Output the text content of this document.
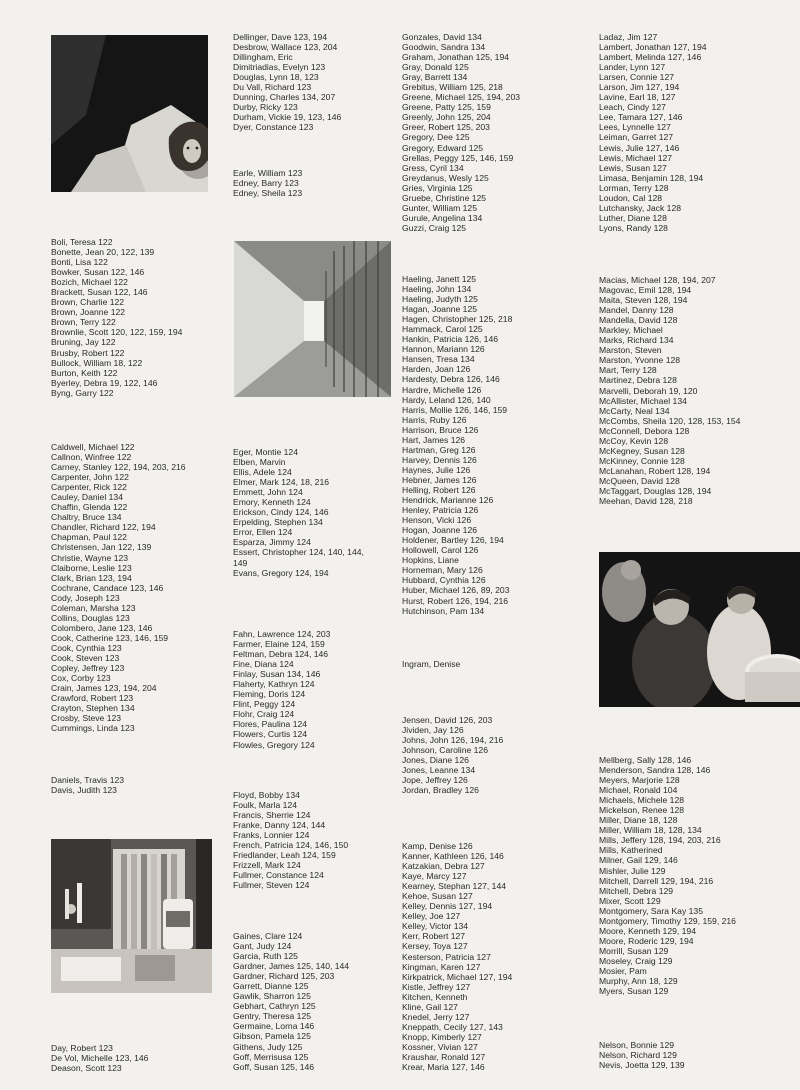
Boli, Teresa 122
Bonette, Jean 20, 122, 139
Bonti, Lisa 122
Bowker, Susan 122, 146
Bozich, Michael 122
Brackett, Susan 122, 146
Brown, Charlie 122
Brown, Joanne 122
Brown, Terry 122
Brownlie, Scott 120, 122, 159, 194
Bruning, Jay 122
Brusby, Robert 122
Bullock, William 18, 122
Burton, Keith 122
Byerley, Debra 19, 122, 146
Byng, Garry 122
Caldwell, Michael 122
Callnon, Winfree 122
Carney, Stanley 122, 194, 203, 216
Carpenter, John 122
Carpenter, Rick 122
Cauley, Daniel 134
Chaffin, Glenda 122
Chaltry, Bruce 134
Chandler, Richard 122, 194
Chapman, Paul 122
Christensen, Jan 122, 139
Christie, Wayne 123
Claiborne, Leslie 123
Clark, Brian 123, 194
Cochrane, Candace 123, 146
Cody, Joseph 123
Coleman, Marsha 123
Collins, Douglas 123
Colombero, Jane 123, 146
Cook, Catherine 123, 146, 159
Cook, Cynthia 123
Cook, Steven 123
Copley, Jeffrey 123
Cox, Corby 123
Crain, James 123, 194, 204
Crawford, Robert 123
Crayton, Stephen 134
Crosby, Steve 123
Cummings, Linda 123
Daniels, Travis 123
Davis, Judith 123
Day, Robert 123
De Vol, Michelle 123, 146
Deason, Scott 123
Dellinger, Dave 123, 194
Desbrow, Wallace 123, 204
Dillingham, Eric
Dimitriadias, Evelyn 123
Douglas, Lynn 18, 123
Du Vall, Richard 123
Dunning, Charles 134, 207
Durby, Ricky 123
Durham, Vickie 19, 123, 146
Dyer, Constance 123
Earle, William 123
Edney, Barry 123
Edney, Sheila 123
Eger, Montie 124
Elben, Marvin
Ellis, Adele 124
Elmer, Mark 124, 18, 216
Emmett, John 124
Emory, Kenneth 124
Erickson, Cindy 124, 146
Erpelding, Stephen 134
Error, Ellen 124
Esparza, Jimmy 124
Essert, Christopher 124, 140, 144,
149
Evans, Gregory 124, 194
Fahn, Lawrence 124, 203
Farmer, Elaine 124, 159
Feltman, Debra 124, 146
Fine, Diana 124
Finlay, Susan 134, 146
Flaherty, Kathryn 124
Fleming, Doris 124
Flint, Peggy 124
Flohr, Craig 124
Flores, Paulina 124
Flowers, Curtis 124
Flowles, Gregory 124
Floyd, Bobby 134
Foulk, Marla 124
Francis, Sherrie 124
Franke, Danny 124, 144
Franks, Lonnier 124
French, Patricia 124, 146, 150
Friedlander, Leah 124, 159
Frizzell, Mark 124
Fullmer, Constance 124
Fullmer, Steven 124
Gaines, Clare 124
Gant, Judy 124
Garcia, Ruth 125
Gardner, James 125, 140, 144
Gardner, Richard 125, 203
Garrett, Dianne 125
Gawlik, Sharron 125
Gebhart, Cathryn 125
Gentry, Theresa 125
Germaine, Lorna 146
Gibson, Pamela 125
Githens, Judy 125
Goff, Merrisusa 125
Goff, Susan 125, 146
Gonzales, David 134
Goodwin, Sandra 134
Graham, Jonathan 125, 194
Gray, Donald 125
Gray, Barrett 134
Grebitus, William 125, 218
Greene, Michael 125, 194, 203
Greene, Patty 125, 159
Greenly, John 125, 204
Greer, Robert 125, 203
Gregory, Dee 125
Gregory, Edward 125
Grellas, Peggy 125, 146, 159
Gress, Cyril 134
Greydanus, Wesly 125
Gries, Virginia 125
Gruebe, Christine 125
Gunter, William 125
Gurule, Angelina 134
Guzzi, Craig 125
Haeling, Janett 125
Haeling, John 134
Haeling, Judyth 125
Hagan, Joanne 125
Hagen, Christopher 125, 218
Hammack, Carol 125
Hankin, Patricia 126, 146
Hannon, Mariann 126
Hansen, Tresa 134
Harden, Joan 126
Hardesty, Debra 126, 146
Hardre, Michelle 126
Hardy, Leland 126, 140
Harris, Mollie 126, 146, 159
Harris, Ruby 126
Harrison, Bruce 126
Hart, James 126
Hartman, Greg 126
Harvey, Dennis 126
Haynes, Julie 126
Hebner, James 126
Helling, Robert 126
Hendrick, Marianne 126
Henley, Patricia 126
Henson, Vicki 126
Hogan, Joanne 126
Holdener, Bartley 126, 194
Hollowell, Carol 126
Hopkins, Liane
Horneman, Mary 126
Hubbard, Cynthia 126
Huber, Michael 126, 89, 203
Hurst, Robert 126, 194, 216
Hutchinson, Pam 134
Ingram, Denise
Jensen, David 126, 203
Jividen, Jay 126
Johns, John 126, 194, 216
Johnson, Caroline 126
Jones, Diane 126
Jones, Leanne 134
Jope, Jeffrey 126
Jordan, Bradley 126
Kamp, Denise 126
Kanner, Kathleen 126, 146
Katzakian, Debra 127
Kaye, Marcy 127
Kearney, Stephan 127, 144
Kehoe, Susan 127
Kelley, Dennis 127, 194
Kelley, Joe 127
Kelley, Victor 134
Kerr, Robert 127
Kersey, Toya 127
Kesterson, Patricia 127
Kingman, Karen 127
Kirkpatrick, Michael 127, 194
Kistle, Jeffrey 127
Kitchen, Kenneth
Kline, Gail 127
Knedel, Jerry 127
Kneppath, Cecily 127, 143
Knopp, Kimberly 127
Kossner, Vivian 127
Kraushar, Ronald 127
Krear, Maria 127, 146
Ladaz, Jim 127
Lambert, Jonathan 127, 194
Lambert, Melinda 127, 146
Lander, Lynn 127
Larsen, Connie 127
Larson, Jim 127, 194
Lavine, Earl 18, 127
Leach, Cindy 127
Lee, Tamara 127, 146
Lees, Lynnelle 127
Leiman, Garret 127
Lewis, Julie 127, 146
Lewis, Michael 127
Lewis, Susan 127
Limasa, Benjamin 128, 194
Lorman, Terry 128
Loudon, Cal 128
Lutchansky, Jack 128
Luther, Diane 128
Lyons, Randy 128
Macias, Michael 128, 194, 207
Magovac, Emil 128, 194
Maita, Steven 128, 194
Mandel, Danny 128
Mandella, David 128
Markley, Michael
Marks, Richard 134
Marston, Steven
Marston, Yvonne 128
Mart, Terry 128
Martinez, Debra 128
Marvelli, Deborah 19, 120
McAllister, Michael 134
McCarty, Neal 134
McCombs, Sheila 120, 128, 153, 154
McConnell, Debora 128
McCoy, Kevin 128
McKegney, Susan 128
McKinney, Connie 128
McLanahan, Robert 128, 194
McQueen, David 128
McTaggart, Douglas 128, 194
Meehan, David 128, 218
Mellberg, Sally 128, 146
Menderson, Sandra 128, 146
Meyers, Marjorie 128
Michael, Ronald 104
Michaels, Michele 128
Mickelson, Renee 128
Miller, Diane 18, 128
Miller, William 18, 128, 134
Mills, Jeffery 128, 194, 203, 216
Mills, Katherined
Milner, Gail 129, 146
Mishler, Julie 129
Mitchell, Darrell 129, 194, 216
Mitchell, Debra 129
Mixer, Scott 129
Montgomery, Sara Kay 135
Montgomery, Timothy 129, 159, 216
Moore, Kenneth 129, 194
Moore, Roderic 129, 194
Morrill, Susan 129
Moseley, Craig 129
Mosier, Pam
Murphy, Ann 18, 129
Myers, Susan 129
Nelson, Bonnie 129
Nelson, Richard 129
Nevis, Joetta 129, 139
